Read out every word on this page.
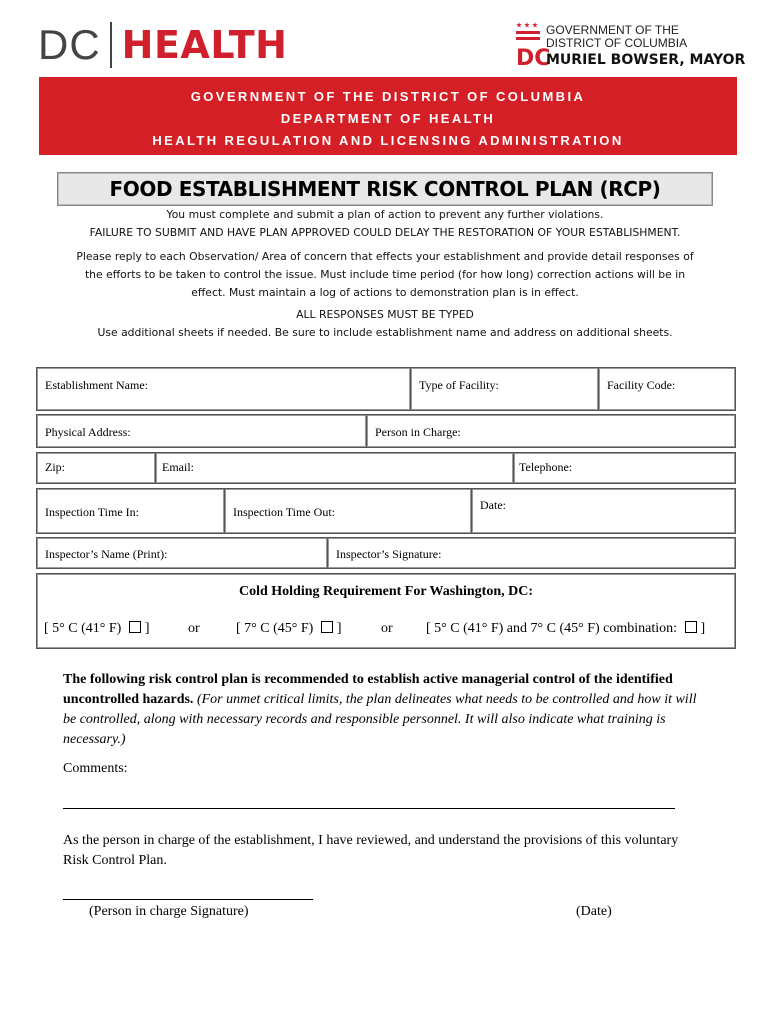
DC HEALTH	GOVERNMENT OF THE
DISTRICT OF COLUMBIA
DC
MURIEL BOWSER, MAYOR
GOVERNMENT OF THE DISTRICT OF COLUMBIA
DEPARTMENT OF HEALTH
HEALTH REGULATION AND LICENSING ADMINISTRATION
FOOD ESTABLISHMENT RISK CONTROL PLAN (RCP)
You must complete and submit a plan of action to prevent any further violations.
FAILURE TO SUBMIT AND HAVE PLAN APPROVED COULD DELAY THE RESTORATION OF YOUR ESTABLISHMENT.
Please reply to each Observation/ Area of concern that effects your establishment and provide detail responses of
the efforts to be taken to control the issue. Must include time period (for how long) correction actions will be in
effect. Must maintain a log of actions to demonstration plan is in effect.
ALL RESPONSES MUST BE TYPED
Use additional sheets if needed. Be sure to include establishment name and address on additional sheets.
Establishment Name:	Type of Facility:	Facility Code:
Physical Address:	Person in Charge:
Zip:	Email:	Telephone:
Inspection Time In:	Inspection Time Out:	Date:
Inspector’s Name (Print):	Inspector’s Signature:
Cold Holding Requirement For Washington, DC:
[ 5° C (41° F) ]	or	[ 7° C (45° F) ]	or [ 5° C (41° F) and 7° C (45° F) combination: ]
The following risk control plan is recommended to establish active managerial control of the identified uncontrolled hazards. (For unmet critical limits, the plan delineates what needs to be controlled and how it will be controlled, along with necessary records and responsible personnel. It will also indicate what training is necessary.)
Comments:
As the person in charge of the establishment, I have reviewed, and understand the provisions of this voluntary Risk Control Plan.
(Person in charge Signature)	(Date)
